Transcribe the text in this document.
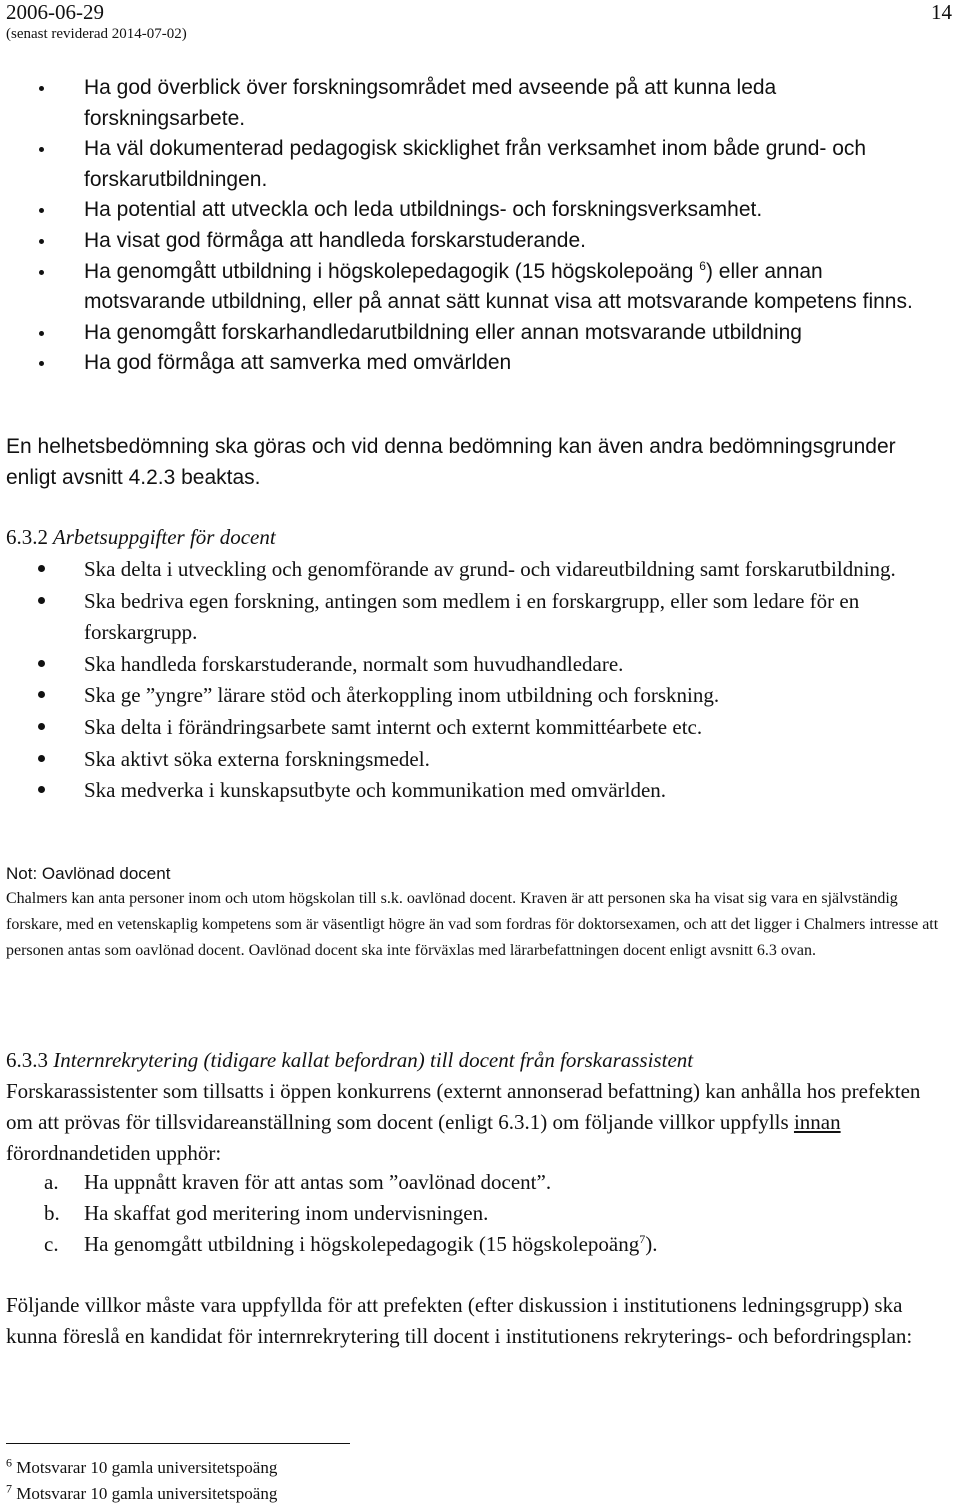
2006-06-29
(senast reviderad 2014-07-02)
14
Ha god överblick över forskningsområdet med avseende på att kunna leda forskningsarbete.
Ha väl dokumenterad pedagogisk skicklighet från verksamhet inom både grund- och forskarutbildningen.
Ha potential att utveckla och leda utbildnings- och forskningsverksamhet.
Ha visat god förmåga att handleda forskarstuderande.
Ha genomgått utbildning i högskolepedagogik (15 högskolepoäng $^6$) eller annan motsvarande utbildning, eller på annat sätt kunnat visa att motsvarande kompetens finns.
Ha genomgått forskarhandledarutbildning eller annan motsvarande utbildning
Ha god förmåga att samverka med omvärlden

En helhetsbedömning ska göras och vid denna bedömning kan även andra bedömningsgrunder enligt avsnitt 4.2.3 beaktas.

6.3.2 Arbetsuppgifter för docent
Ska delta i utveckling och genomförande av grund- och vidareutbildning samt forskarutbildning.
Ska bedriva egen forskning, antingen som medlem i en forskargrupp, eller som ledare för en forskargrupp.
Ska handleda forskarstuderande, normalt som huvudhandledare.
Ska ge ”yngre” lärare stöd och återkoppling inom utbildning och forskning.
Ska delta i förändringsarbete samt internt och externt kommittéarbete etc.
Ska aktivt söka externa forskningsmedel.
Ska medverka i kunskapsutbyte och kommunikation med omvärlden.
Not: Oavlönad docent

Chalmers kan anta personer inom och utom högskolan till s.k. oavlönad docent. Kraven är att personen ska ha visat sig vara en självständig forskare, med en vetenskaplig kompetens som är väsentligt högre än vad som fordras för doktorsexamen, och att det ligger i Chalmers intresse att personen antas som oavlönad docent. Oavlönad docent ska inte förväxlas med lärarbefattningen docent enligt avsnitt 6.3 ovan.

6.3.3 Internrekrytering (tidigare kallat befordran) till docent från forskarassistent

Forskarassistenter som tillsatts i öppen konkurrens (externt annonserad befattning) kan anhålla hos prefekten om att prövas för tillsvidareanställning som docent (enligt 6.3.1) om följande villkor uppfylls innan förordnandetiden upphör:

a. Ha uppnått kraven för att antas som ”oavlönad docent”.
b. Ha skaffat god meritering inom undervisningen.
c. Ha genomgått utbildning i högskolepedagogik (15 högskolepoäng$^7$).

Följande villkor måste vara uppfyllda för att prefekten (efter diskussion i institutionens ledningsgrupp) ska kunna föreslå en kandidat för internrekrytering till docent i institutionens rekryterings- och befordringsplan:

$^6$ Motsvarar 10 gamla universitetspoäng
$^7$ Motsvarar 10 gamla universitetspoäng
